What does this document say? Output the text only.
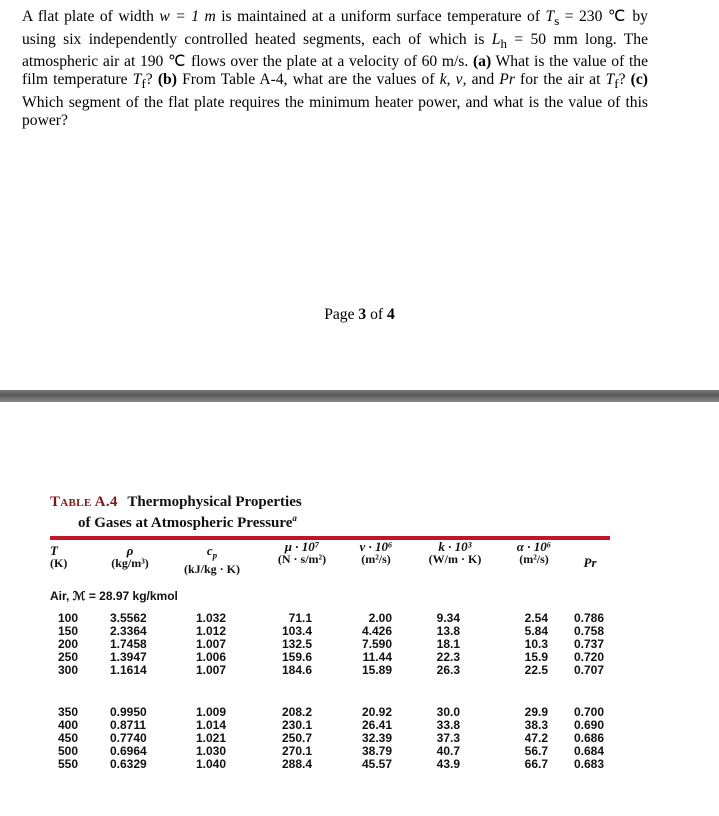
A flat plate of width w = 1 m is maintained at a uniform surface temperature of $T_s = 230$ ℃ by using six independently controlled heated segments, each of which is $L_h = 50$ mm long. The atmospheric air at 190 ℃ flows over the plate at a velocity of 60 m/s. (a) What is the value of the film temperature $T_f$? (b) From Table A-4, what are the values of k, ν, and Pr for the air at $T_f$? (c) Which segment of the flat plate requires the minimum heater power, and what is the value of this power?

Page 3 of 4
Table A.4 Thermophysical Properties
of Gases at Atmospheric Pressure$^a$
T
(K)
ρ
(kg/m³)
$c_p$
(kJ/kg · K)
μ · 10⁷
(N · s/m²)
ν · 10⁶
(m²/s)
k · 10³
(W/m · K)
α · 10⁶
(m²/s)	Pr
Air, ℳ = 28.97 kg/kmol
100
150
200
250
300
3.5562
2.3364
1.7458
1.3947
1.1614
1.032
1.012
1.007
1.006
1.007
71.1
103.4
132.5
159.6
184.6
2.00
4.426
7.590
11.44
15.89
9.34
13.8
18.1
22.3
26.3
2.54
5.84
10.3
15.9
22.5
0.786
0.758
0.737
0.720
0.707
350
400
450
500
550
0.9950
0.8711
0.7740
0.6964
0.6329
1.009
1.014
1.021
1.030
1.040
208.2
230.1
250.7
270.1
288.4
20.92
26.41
32.39
38.79
45.57
30.0
33.8
37.3
40.7
43.9
29.9
38.3
47.2
56.7
66.7
0.700
0.690
0.686
0.684
0.683
